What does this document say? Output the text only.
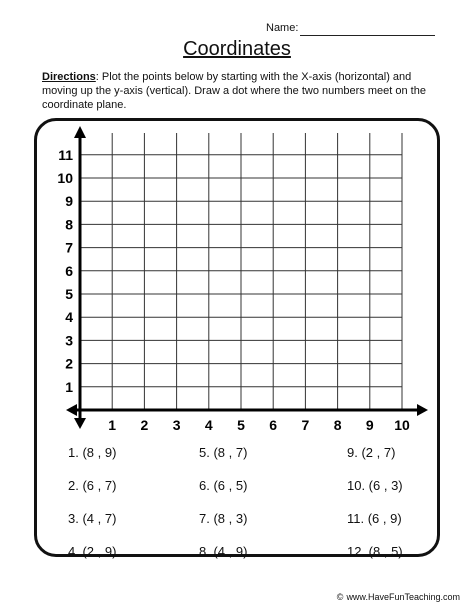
Name:
Coordinates
Directions: Plot the points below by starting with the X-axis (horizontal) and moving up the y-axis (vertical). Draw a dot where the two numbers meet on the coordinate plane.
1 2 3 4 5 6 7 8 9 10
1
2
3
4
5
6
7
8
9
10
11
1. (8 , 9)
2. (6 , 7)
3. (4 , 7)
4. (2 , 9)
5. (8 , 7)
6. (6 , 5)
7. (8 , 3)
8. (4 , 9)
9. (2 , 7)
10. (6 , 3)
11. (6 , 9)
12. (8 , 5)
© www.HaveFunTeaching.com
